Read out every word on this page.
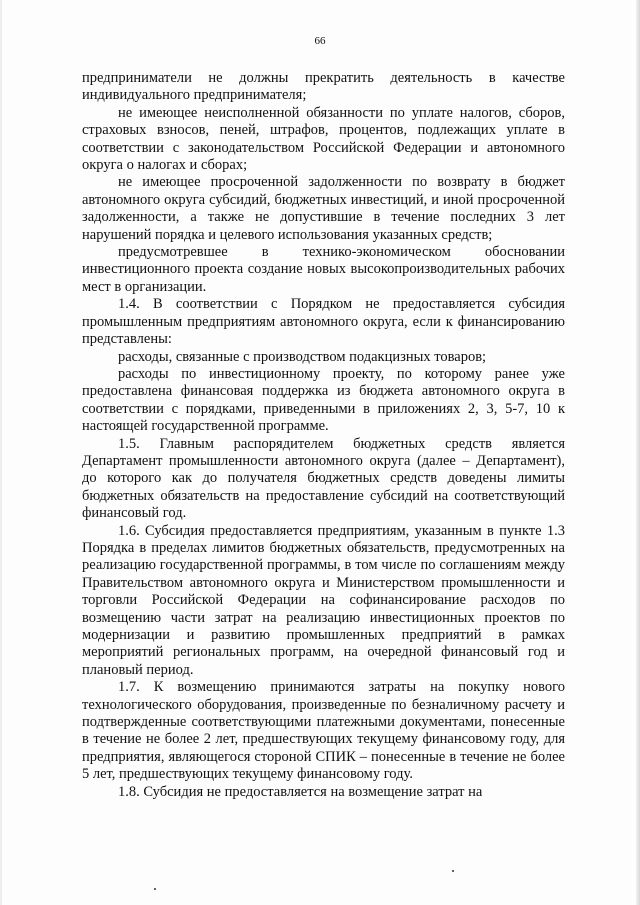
66

предприниматели не должны прекратить деятельность в качестве индивидуального предпринимателя;

не имеющее неисполненной обязанности по уплате налогов, сборов, страховых взносов, пеней, штрафов, процентов, подлежащих уплате в соответствии с законодательством Российской Федерации и автономного округа о налогах и сборах;

не имеющее просроченной задолженности по возврату в бюджет автономного округа субсидий, бюджетных инвестиций, и иной просроченной задолженности, а также не допустившие в течение последних 3 лет нарушений порядка и целевого использования указанных средств;

предусмотревшее в технико-экономическом обосновании инвестиционного проекта создание новых высокопроизводительных рабочих мест в организации.

1.4. В соответствии с Порядком не предоставляется субсидия промышленным предприятиям автономного округа, если к финансированию представлены:

расходы, связанные с производством подакцизных товаров;

расходы по инвестиционному проекту, по которому ранее уже предоставлена финансовая поддержка из бюджета автономного округа в соответствии с порядками, приведенными в приложениях 2, 3, 5-7, 10 к настоящей государственной программе.

1.5. Главным распорядителем бюджетных средств является Департамент промышленности автономного округа (далее – Департамент), до которого как до получателя бюджетных средств доведены лимиты бюджетных обязательств на предоставление субсидий на соответствующий финансовый год.

1.6. Субсидия предоставляется предприятиям, указанным в пункте 1.3 Порядка в пределах лимитов бюджетных обязательств, предусмотренных на реализацию государственной программы, в том числе по соглашениям между Правительством автономного округа и Министерством промышленности и торговли Российской Федерации на софинансирование расходов по возмещению части затрат на реализацию инвестиционных проектов по модернизации и развитию промышленных предприятий в рамках мероприятий региональных программ, на очередной финансовый год и плановый период.

1.7. К возмещению принимаются затраты на покупку нового технологического оборудования, произведенные по безналичному расчету и подтвержденные соответствующими платежными документами, понесенные в течение не более 2 лет, предшествующих текущему финансовому году, для предприятия, являющегося стороной СПИК – понесенные в течение не более 5 лет, предшествующих текущему финансовому году.

1.8. Субсидия не предоставляется на возмещение затрат на
